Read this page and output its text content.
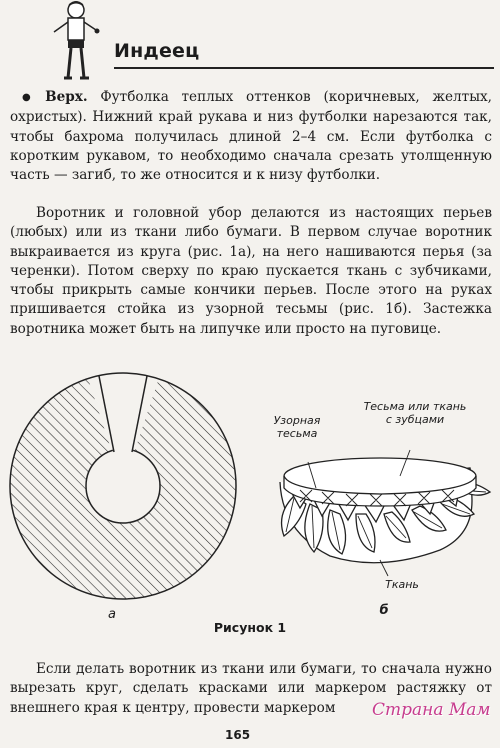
Индеец
● Верх. Футболка теплых оттенков (коричневых, желтых, охристых). Нижний край рукава и низ футболки нарезаются так, чтобы бахрома получилась длиной 2–4 см. Если футболка с коротким рукавом, то необходимо сначала срезать утолщенную часть — загиб, то же относится и к низу футболки.
Воротник и головной убор делаются из настоящих перьев (любых) или из ткани либо бумаги. В первом случае воротник выкраивается из круга (рис. 1а), на него нашиваются перья (за черенки). Потом сверху по краю пускается ткань с зубчиками, чтобы прикрыть самые кончики перьев. После этого на руках пришивается стойка из узорной тесьмы (рис. 1б). Застежка воротника может быть на липучке или просто на пуговице.
Узорная
тесьма
Тесьма или ткань
с зубцами
Ткань
а	б
Рисунок 1
Если делать воротник из ткани или бумаги, то сначала нужно вырезать круг, сделать красками или маркером растяжку от внешнего края к центру, провести маркером
165
Страна Мам
